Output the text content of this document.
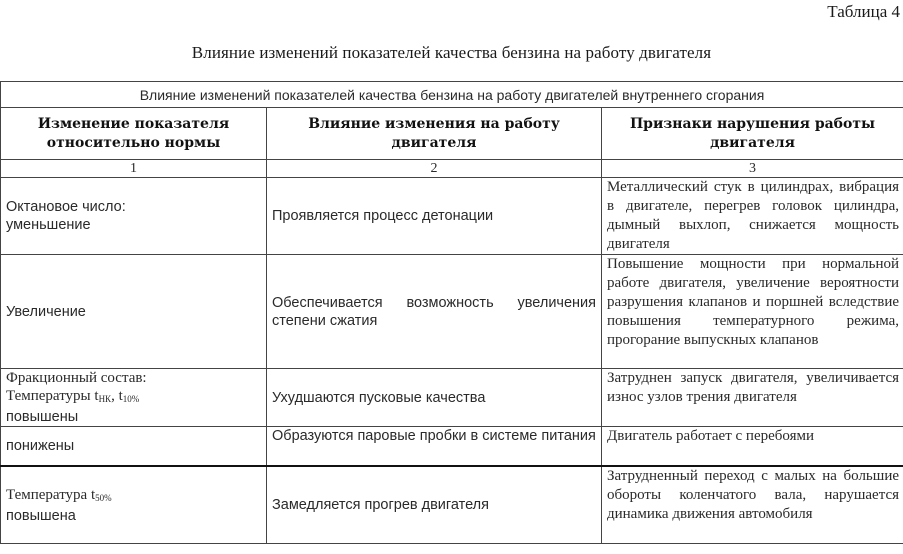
Таблица 4
Влияние изменений показателей качества бензина на работу двигателя
Влияние изменений показателей качества бензина на работу двигателей внутреннего сгорания		
Изменение показателя относительно нормы	Влияние изменения на работу двигателя	Признаки нарушения работы двигателя
1	2	3

Октановое число:
уменьшение	Проявляется процесс детонации	Металлический стук в цилиндрах, вибрация в двигателе, перегрев головок цилиндра, дымный выхлоп, снижается мощность двигателя
Увеличение	Обеспечивается возможность увеличения степени сжатия	Повышение мощности при нормальной работе двигателя, увеличение вероятности разрушения клапанов и поршней вследствие повышения температурного режима, прогорание выпускных клапанов

Фракционный состав:
Температуры $t_{НК}$, $t_{10\%}$
повышены	Ухудшаются пусковые качества	Затруднен запуск двигателя, увеличивается износ узлов трения двигателя
понижены	Образуются паровые пробки в системе питания	Двигатель работает с перебоями

Температура $t_{50\%}$
повышена	Замедляется прогрев двигателя	Затрудненный переход с малых на большие обороты коленчатого вала, нарушается динамика движения автомобиля
